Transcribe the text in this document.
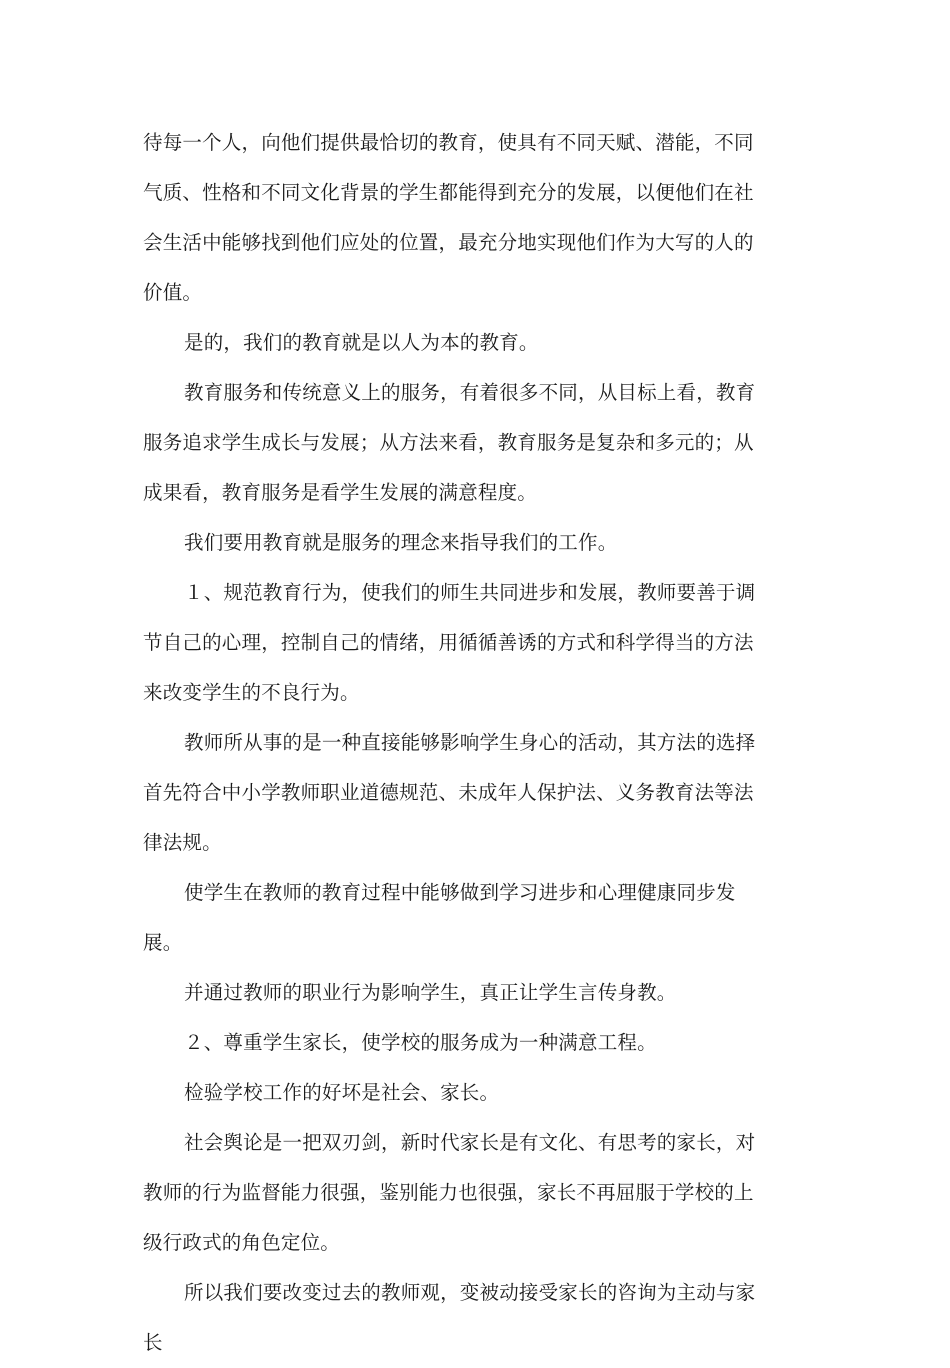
待每一个人，向他们提供最恰切的教育，使具有不同天赋、潜能，不同气质、性格和不同文化背景的学生都能得到充分的发展，以便他们在社会生活中能够找到他们应处的位置，最充分地实现他们作为大写的人的价值。

是的，我们的教育就是以人为本的教育。

教育服务和传统意义上的服务，有着很多不同，从目标上看，教育服务追求学生成长与发展；从方法来看，教育服务是复杂和多元的；从成果看，教育服务是看学生发展的满意程度。

我们要用教育就是服务的理念来指导我们的工作。

１、规范教育行为，使我们的师生共同进步和发展，教师要善于调节自己的心理，控制自己的情绪，用循循善诱的方式和科学得当的方法来改变学生的不良行为。

教师所从事的是一种直接能够影响学生身心的活动，其方法的选择首先符合中小学教师职业道德规范、未成年人保护法、义务教育法等法律法规。

使学生在教师的教育过程中能够做到学习进步和心理健康同步发展。

并通过教师的职业行为影响学生，真正让学生言传身教。

２、尊重学生家长，使学校的服务成为一种满意工程。

检验学校工作的好坏是社会、家长。

社会舆论是一把双刃剑，新时代家长是有文化、有思考的家长，对教师的行为监督能力很强，鉴别能力也很强，家长不再屈服于学校的上级行政式的角色定位。

所以我们要改变过去的教师观，变被动接受家长的咨询为主动与家长
